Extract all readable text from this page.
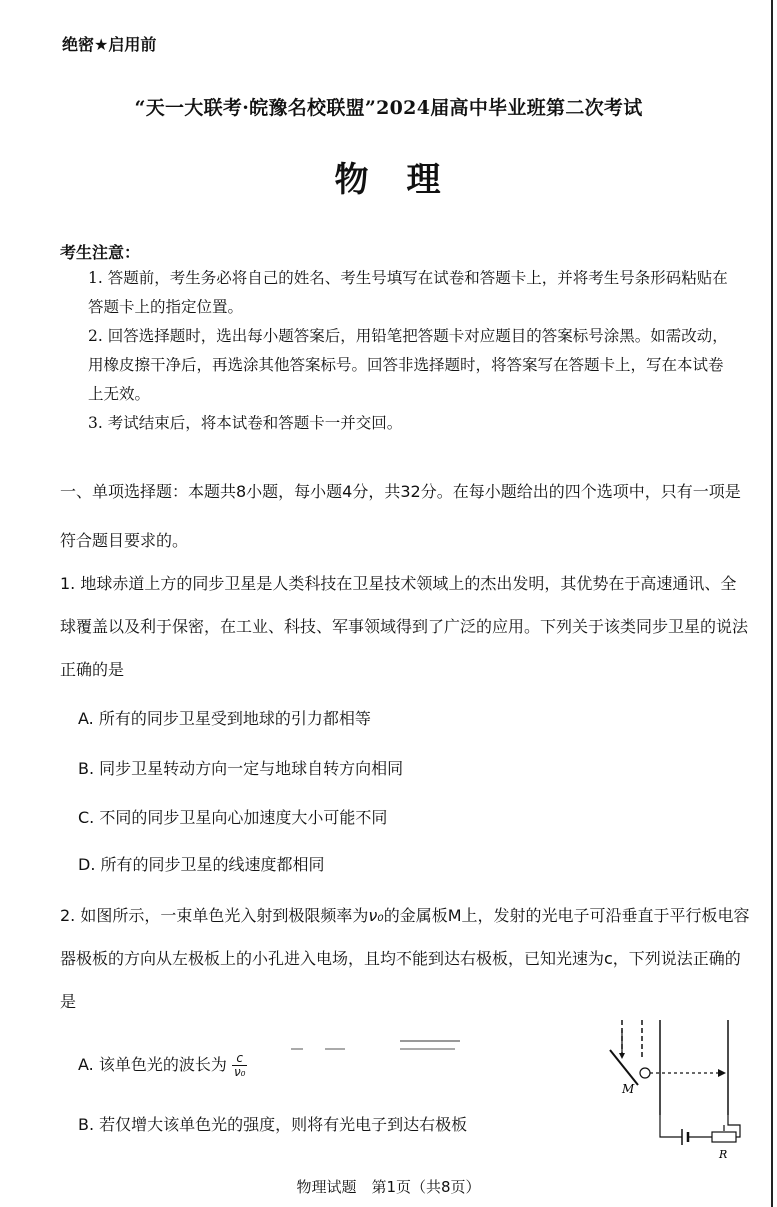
绝密★启用前
“天一大联考·皖豫名校联盟”2024届高中毕业班第二次考试
物　理
考生注意：
1. 答题前，考生务必将自己的姓名、考生号填写在试卷和答题卡上，并将考生号条形码粘贴在答题卡上的指定位置。
2. 回答选择题时，选出每小题答案后，用铅笔把答题卡对应题目的答案标号涂黑。如需改动，用橡皮擦干净后，再选涂其他答案标号。回答非选择题时，将答案写在答题卡上，写在本试卷上无效。
3. 考试结束后，将本试卷和答题卡一并交回。
一、单项选择题：本题共8小题，每小题4分，共32分。在每小题给出的四个选项中，只有一项是符合题目要求的。
1. 地球赤道上方的同步卫星是人类科技在卫星技术领域上的杰出发明，其优势在于高速通讯、全球覆盖以及利于保密，在工业、科技、军事领域得到了广泛的应用。下列关于该类同步卫星的说法正确的是
A. 所有的同步卫星受到地球的引力都相等
B. 同步卫星转动方向一定与地球自转方向相同
C. 不同的同步卫星向心加速度大小可能不同
D. 所有的同步卫星的线速度都相同
2. 如图所示，一束单色光入射到极限频率为ν₀的金属板M上，发射的光电子可沿垂直于平行板电容器极板的方向从左极板上的小孔进入电场，且均不能到达右极板，已知光速为c，下列说法正确的是
A. 该单色光的波长为 $\frac{c}{\text{ν₀}}$
B. 若仅增大该单色光的强度，则将有光电子到达右极板
M
R
物理试题　第1页（共8页）
